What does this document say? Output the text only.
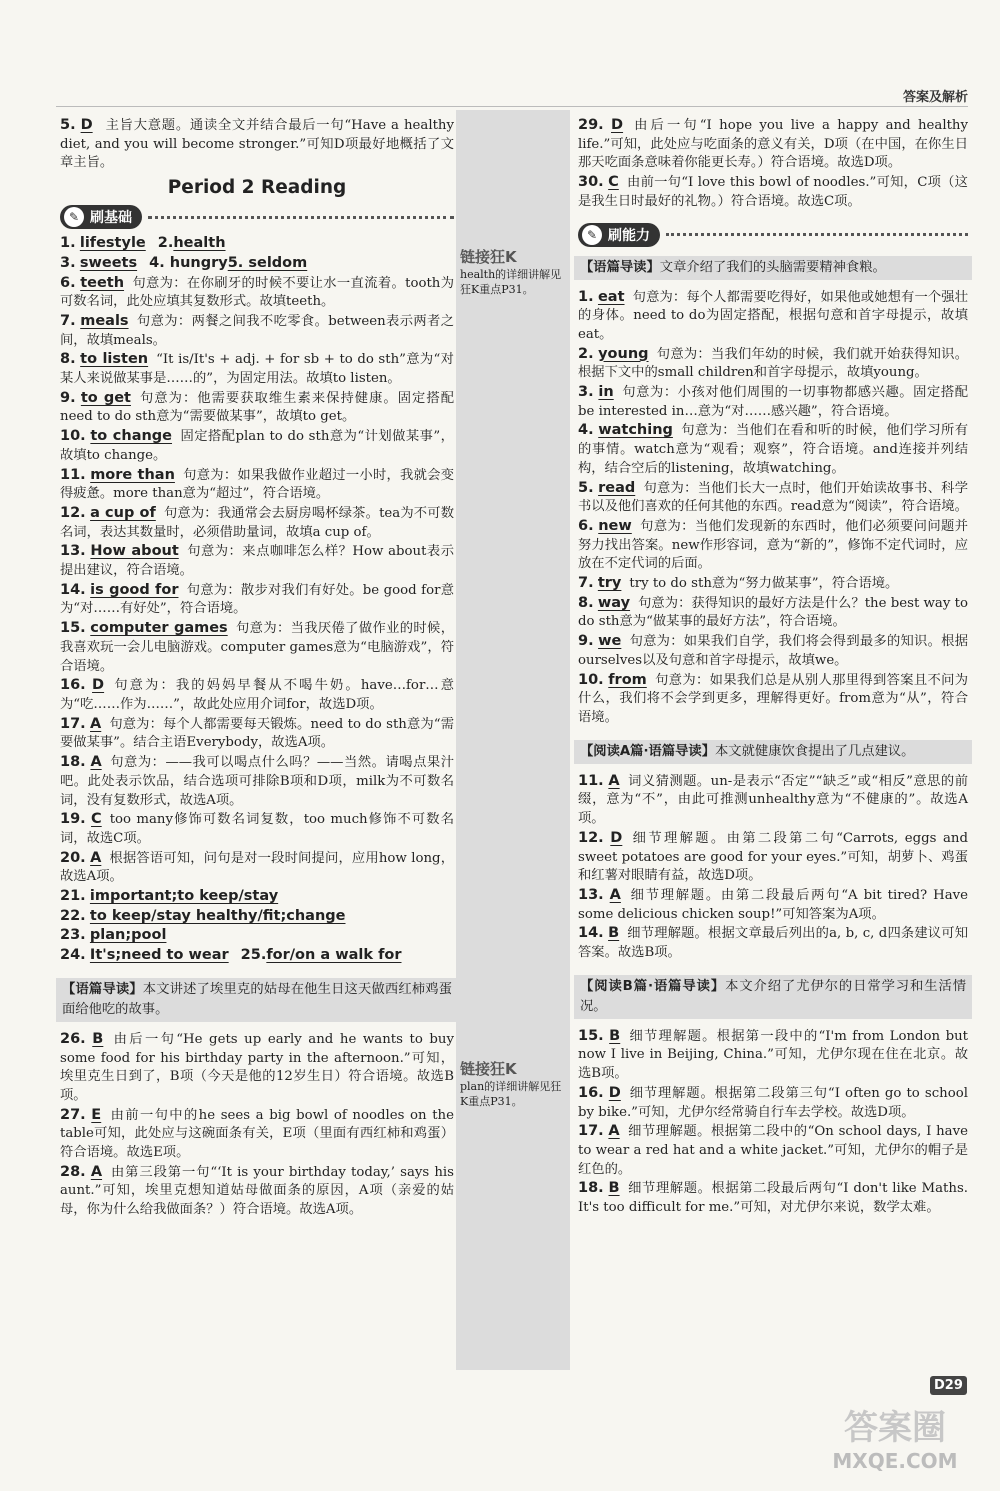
答案及解析
链接狂K
health的详细讲解见狂K重点P31。
链接狂K
plan的详细讲解见狂K重点P31。
5. D 主旨大意题。通读全文并结合最后一句“Have a healthy diet, and you will become stronger.”可知D项最好地概括了文章主旨。
Period 2 Reading
✎ 刷基础
1. lifestyle 2.health
3. sweets 4. hungry5. seldom
6. teeth 句意为：在你刷牙的时候不要让水一直流着。tooth为可数名词，此处应填其复数形式。故填teeth。
7. meals 句意为：两餐之间我不吃零食。between表示两者之间，故填meals。
8. to listen “It is/It's + adj. + for sb + to do sth”意为“对某人来说做某事是……的”，为固定用法。故填to listen。
9. to get 句意为：他需要获取维生素来保持健康。固定搭配need to do sth意为“需要做某事”，故填to get。
10. to change 固定搭配plan to do sth意为“计划做某事”，故填to change。
11. more than 句意为：如果我做作业超过一小时，我就会变得疲惫。more than意为“超过”，符合语境。
12. a cup of 句意为：我通常会去厨房喝杯绿茶。tea为不可数名词，表达其数量时，必须借助量词，故填a cup of。
13. How about 句意为：来点咖啡怎么样？How about表示提出建议，符合语境。
14. is good for 句意为：散步对我们有好处。be good for意为“对……有好处”，符合语境。
15. computer games 句意为：当我厌倦了做作业的时候，我喜欢玩一会儿电脑游戏。computer games意为“电脑游戏”，符合语境。
16. D 句意为：我的妈妈早餐从不喝牛奶。have…for…意为“吃……作为……”，故此处应用介词for，故选D项。
17. A 句意为：每个人都需要每天锻炼。need to do sth意为“需要做某事”。结合主语Everybody，故选A项。
18. A 句意为：——我可以喝点什么吗？——当然。请喝点果汁吧。此处表示饮品，结合选项可排除B项和D项，milk为不可数名词，没有复数形式，故选A项。
19. C too many修饰可数名词复数，too much修饰不可数名词，故选C项。
20. A 根据答语可知，问句是对一段时间提问，应用how long，故选A项。
21. important;to keep/stay
22. to keep/stay healthy/fit;change
23. plan;pool
24. It's;need to wear 25.for/on a walk for
【语篇导读】本文讲述了埃里克的姑母在他生日这天做西红柿鸡蛋面给他吃的故事。
26. B 由后一句“He gets up early and he wants to buy some food for his birthday party in the afternoon.”可知，埃里克生日到了，B项（今天是他的12岁生日）符合语境。故选B项。
27. E 由前一句中的he sees a big bowl of noodles on the table可知，此处应与这碗面条有关，E项（里面有西红柿和鸡蛋）符合语境。故选E项。
28. A 由第三段第一句“‘It is your birthday today,’ says his aunt.”可知，埃里克想知道姑母做面条的原因，A项（亲爱的姑母，你为什么给我做面条？）符合语境。故选A项。
29. D 由后一句“I hope you live a happy and healthy life.”可知，此处应与吃面条的意义有关，D项（在中国，在你生日那天吃面条意味着你能更长寿。）符合语境。故选D项。
30. C 由前一句“I love this bowl of noodles.”可知，C项（这是我生日时最好的礼物。）符合语境。故选C项。
✎ 刷能力
【语篇导读】文章介绍了我们的头脑需要精神食粮。
1. eat 句意为：每个人都需要吃得好，如果他或她想有一个强壮的身体。need to do为固定搭配，根据句意和首字母提示，故填eat。
2. young 句意为：当我们年幼的时候，我们就开始获得知识。根据下文中的small children和首字母提示，故填young。
3. in 句意为：小孩对他们周围的一切事物都感兴趣。固定搭配be interested in…意为“对……感兴趣”，符合语境。
4. watching 句意为：当他们在看和听的时候，他们学习所有的事情。watch意为“观看；观察”，符合语境。and连接并列结构，结合空后的listening，故填watching。
5. read 句意为：当他们长大一点时，他们开始读故事书、科学书以及他们喜欢的任何其他的东西。read意为“阅读”，符合语境。
6. new 句意为：当他们发现新的东西时，他们必须要问问题并努力找出答案。new作形容词，意为“新的”，修饰不定代词时，应放在不定代词的后面。
7. try try to do sth意为“努力做某事”，符合语境。
8. way 句意为：获得知识的最好方法是什么？the best way to do sth意为“做某事的最好方法”，符合语境。
9. we 句意为：如果我们自学，我们将会得到最多的知识。根据ourselves以及句意和首字母提示，故填we。
10. from 句意为：如果我们总是从别人那里得到答案且不问为什么，我们将不会学到更多，理解得更好。from意为“从”，符合语境。
【阅读A篇·语篇导读】本文就健康饮食提出了几点建议。
11. A 词义猜测题。un-是表示“否定”“缺乏”或“相反”意思的前缀，意为“不”，由此可推测unhealthy意为“不健康的”。故选A项。
12. D 细节理解题。由第二段第二句“Carrots, eggs and sweet potatoes are good for your eyes.”可知，胡萝卜、鸡蛋和红薯对眼睛有益，故选D项。
13. A 细节理解题。由第二段最后两句“A bit tired? Have some delicious chicken soup!”可知答案为A项。
14. B 细节理解题。根据文章最后列出的a, b, c, d四条建议可知答案。故选B项。
【阅读B篇·语篇导读】本文介绍了尤伊尔的日常学习和生活情况。
15. B 细节理解题。根据第一段中的“I'm from London but now I live in Beijing, China.”可知，尤伊尔现在住在北京。故选B项。
16. D 细节理解题。根据第二段第三句“I often go to school by bike.”可知，尤伊尔经常骑自行车去学校。故选D项。
17. A 细节理解题。根据第二段中的“On school days, I have to wear a red hat and a white jacket.”可知，尤伊尔的帽子是红色的。
18. B 细节理解题。根据第二段最后两句“I don't like Maths. It's too difficult for me.”可知，对尤伊尔来说，数学太难。
D29
答案圈
MXQE.COM
